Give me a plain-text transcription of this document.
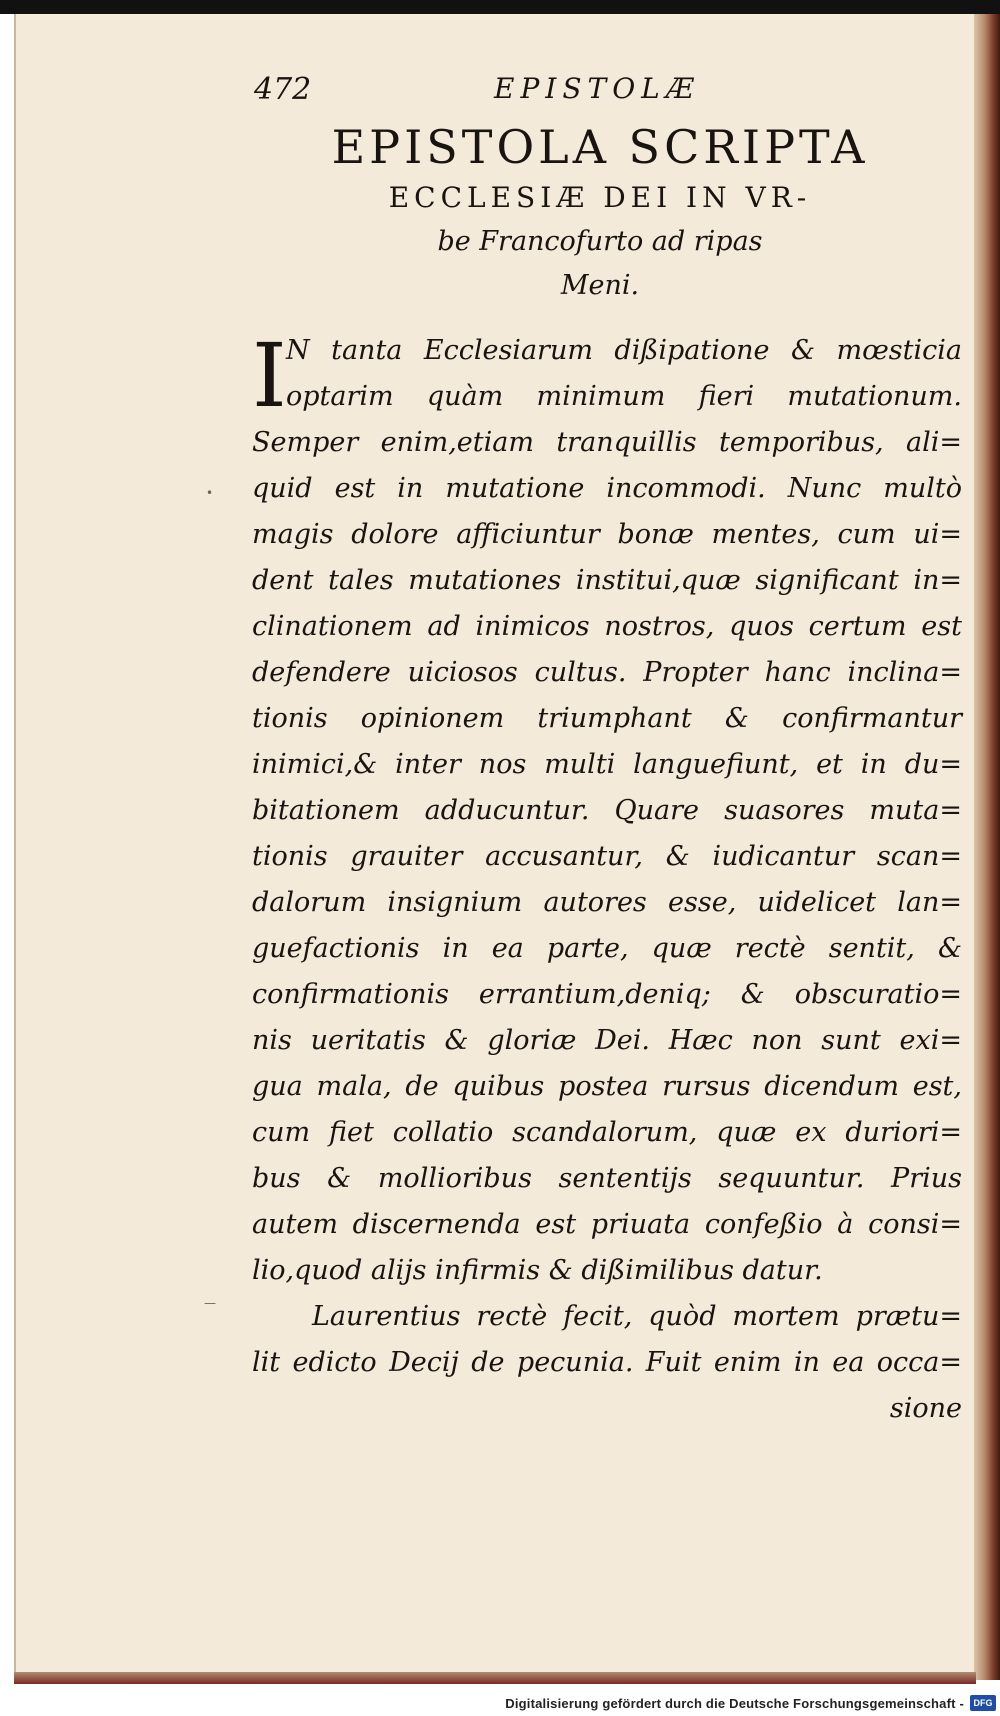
472	EPISTOLÆ
EPISTOLA SCRIPTA
ECCLESIÆ DEI IN VR-
be Francofurto ad ripas
Meni.
•
—
I N tanta Ecclesiarum dißipatione & mœsticia
optarim quàm minimum fieri mutationum.
Semper enim,etiam tranquillis temporibus, ali=
quid est in mutatione incommodi. Nunc multò
magis dolore afficiuntur bonæ mentes, cum ui=
dent tales mutationes institui,quæ significant in=
clinationem ad inimicos nostros, quos certum est
defendere uiciosos cultus. Propter hanc inclina=
tionis opinionem triumphant & confirmantur
inimici,& inter nos multi languefiunt, et in du=
bitationem adducuntur. Quare suasores muta=
tionis grauiter accusantur, & iudicantur scan=
dalorum insignium autores esse, uidelicet lan=
guefactionis in ea parte, quæ rectè sentit, &
confirmationis errantium,deniq; & obscuratio=
nis ueritatis & gloriæ Dei. Hæc non sunt exi=
gua mala, de quibus postea rursus dicendum est,
cum fiet collatio scandalorum, quæ ex duriori=
bus & mollioribus sententijs sequuntur. Prius
autem discernenda est priuata confeßio à consi=
lio,quod alijs infirmis & dißimilibus datur.
Laurentius rectè fecit, quòd mortem prætu=
lit edicto Decij de pecunia. Fuit enim in ea occa=
sione
Digitalisierung gefördert durch die Deutsche Forschungsgemeinschaft -	DFG
